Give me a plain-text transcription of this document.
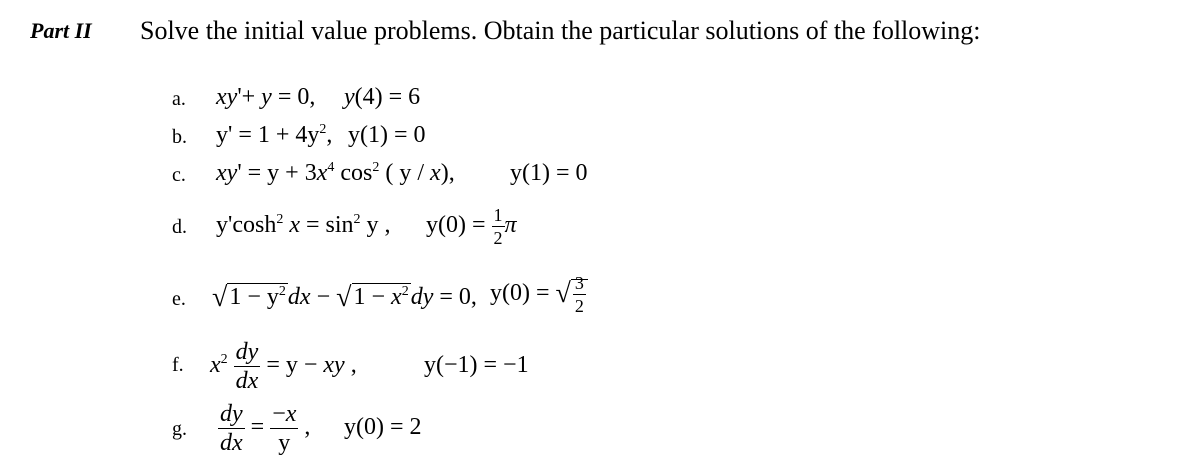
Part II Solve the initial value problems. Obtain the particular solutions of the following:
a. xy'+ y = 0, y(4) = 6
b. $y' = 1 + 4y^2$, y(1) = 0
c. $xy' = y + 3x^4$ $\cos^2$ ( y / x), y(1) = 0
d. $y'\cosh^2$ $x = \sin^2 y$ , $y(0) = \frac{1}{2}$ π
e. $√1 - y^2dx - √1 - x^2dy = 0$, y(0) = √ $\frac{3}{2}$
f. $x^2 \frac{dy}{dx} = y$ − xy ,	y(−1) = −1
g. $\frac{dy}{dx} = \frac{-x}{y}$ , y(0) = 2
